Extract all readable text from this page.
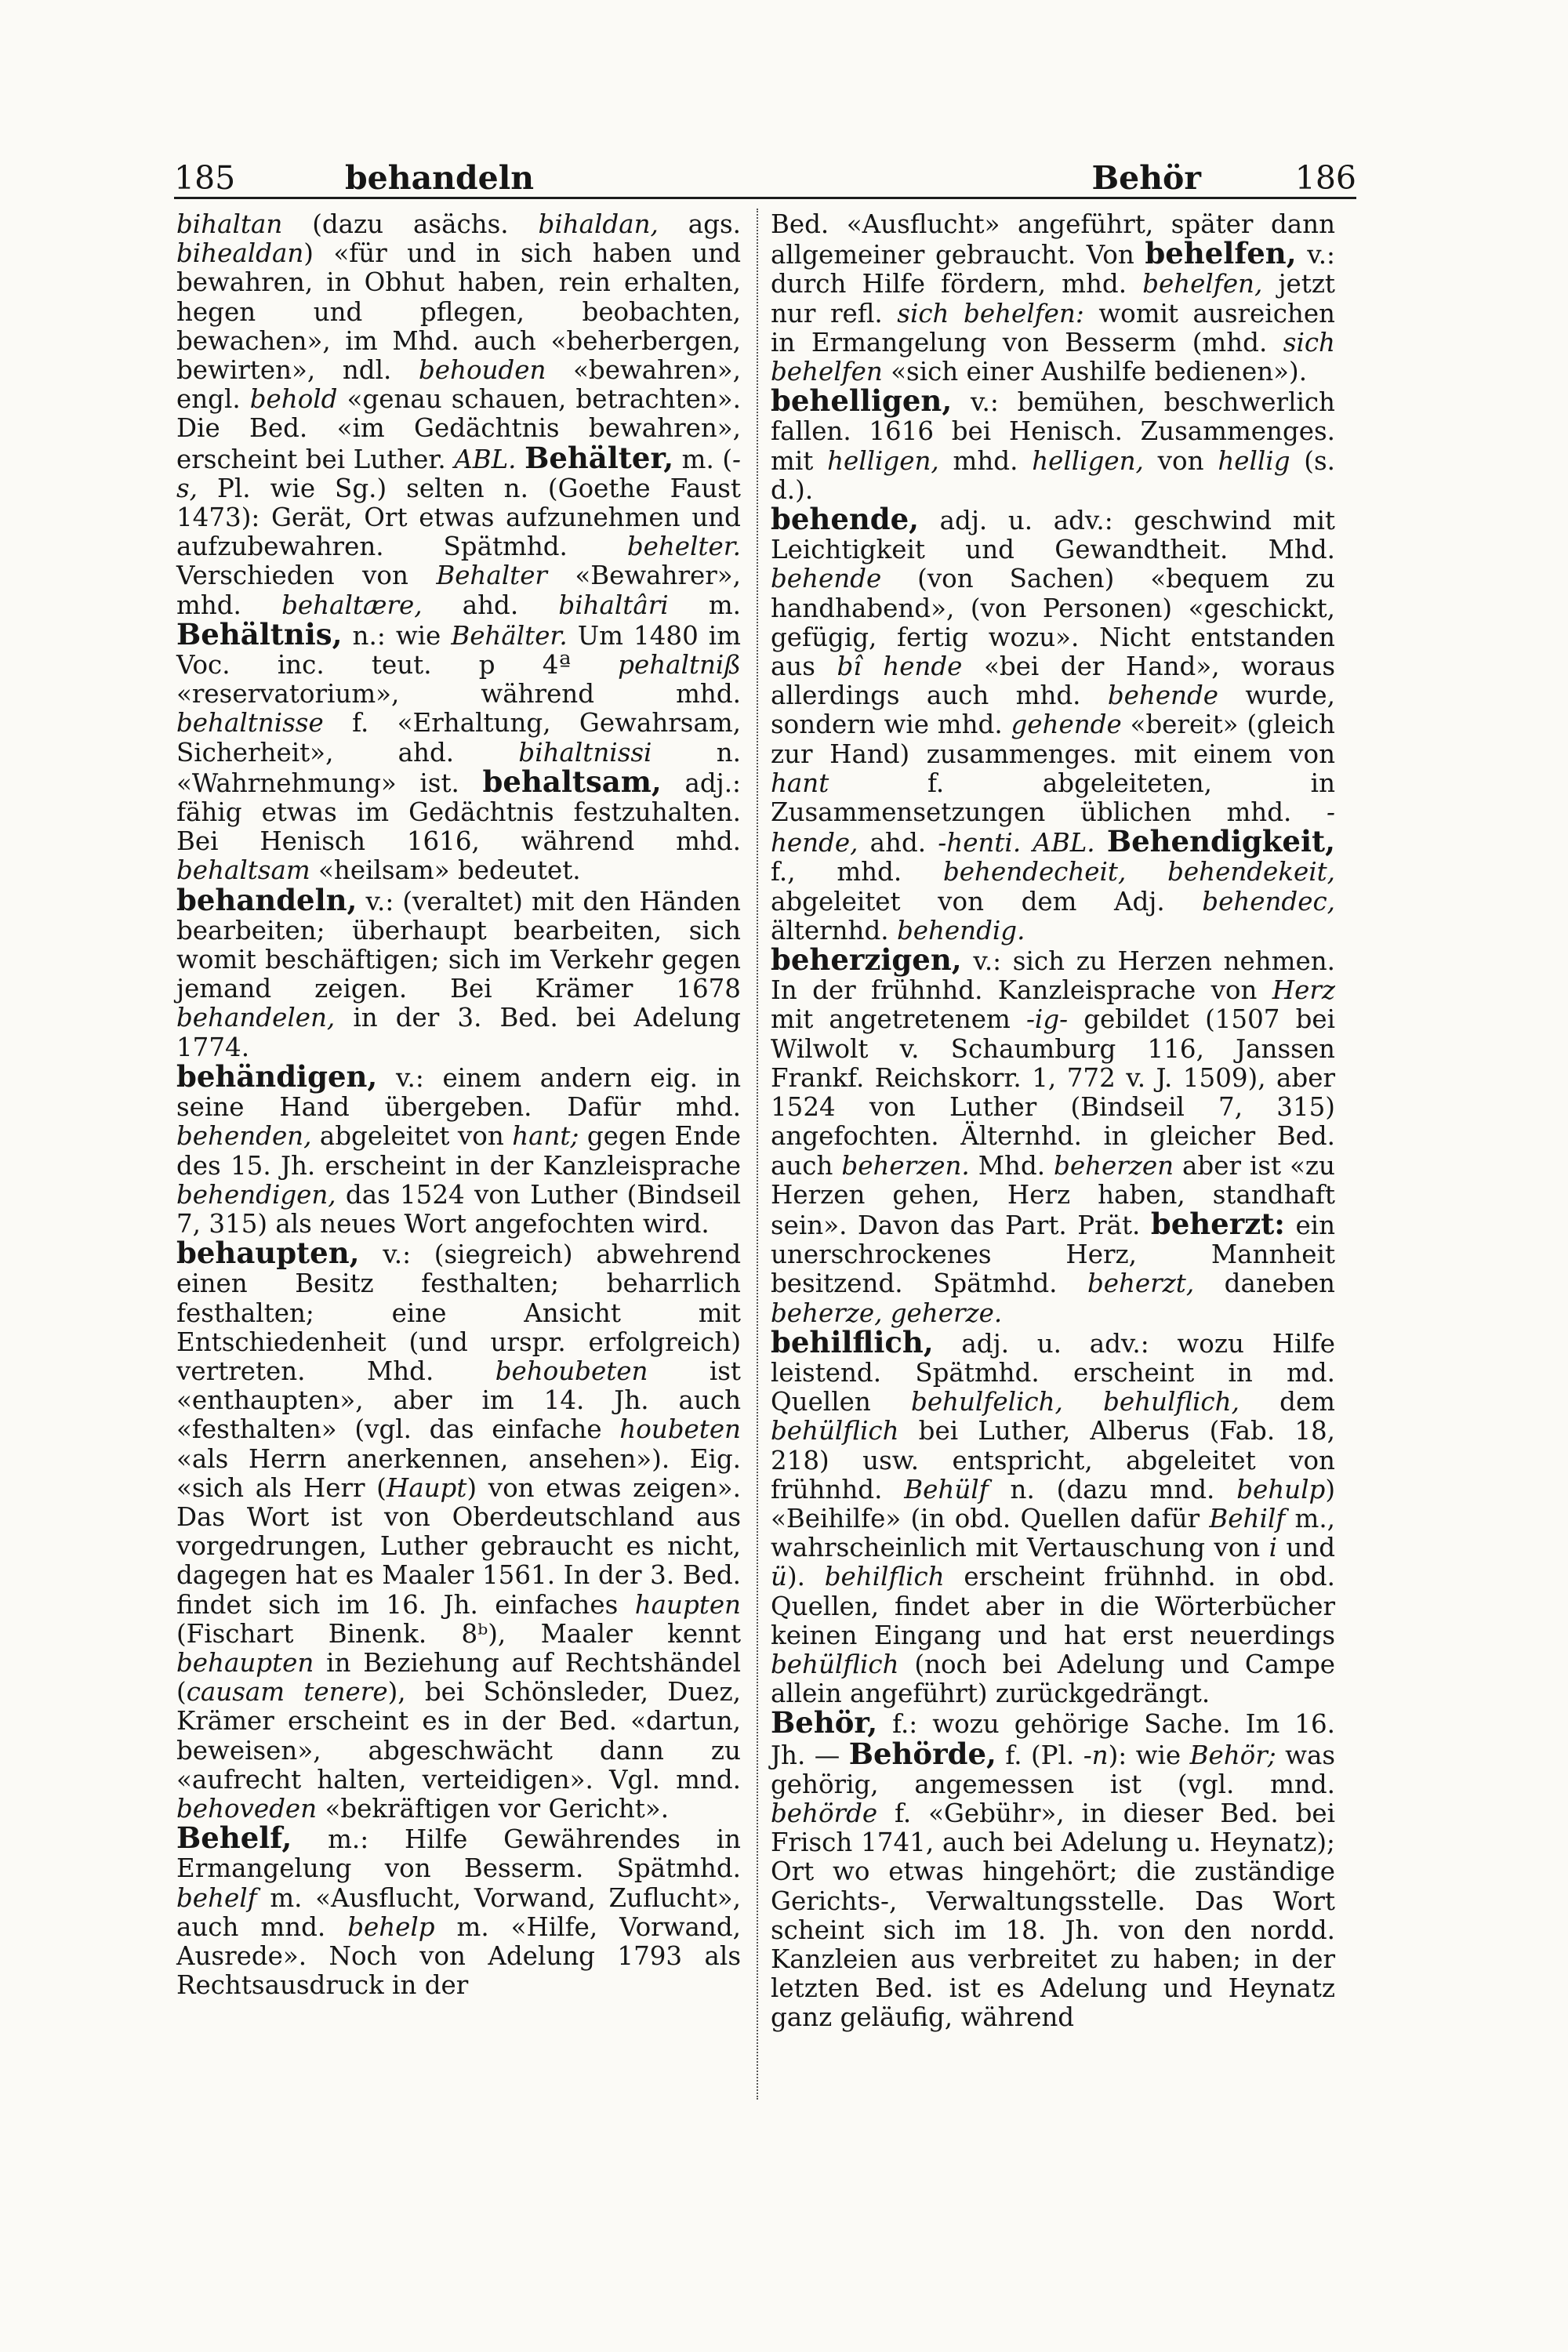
185	behandeln	Behör	186

bihaltan (dazu asächs. bihaldan, ags. bihealdan) «für und in sich haben und bewahren, in Obhut haben, rein erhalten, hegen und pflegen, beobachten, bewachen», im Mhd. auch «beherbergen, bewirten», ndl. behouden «bewahren», engl. behold «genau schauen, betrachten». Die Bed. «im Gedächtnis bewahren», erscheint bei Luther. ABL. Behälter, m. (-s, Pl. wie Sg.) selten n. (Goethe Faust 1473): Gerät, Ort etwas aufzunehmen und aufzubewahren. Spätmhd. behelter. Verschieden von Behalter «Bewahrer», mhd. behaltære, ahd. bihaltâri m. Behältnis, n.: wie Behälter. Um 1480 im Voc. inc. teut. p 4ª pehaltniß «reservatorium», während mhd. behaltnisse f. «Erhaltung, Gewahrsam, Sicherheit», ahd. bihaltnissi n. «Wahrnehmung» ist. behaltsam, adj.: fähig etwas im Gedächtnis festzuhalten. Bei Henisch 1616, während mhd. behaltsam «heilsam» bedeutet.

behandeln, v.: (veraltet) mit den Händen bearbeiten; überhaupt bearbeiten, sich womit beschäftigen; sich im Verkehr gegen jemand zeigen. Bei Krämer 1678 behandelen, in der 3. Bed. bei Adelung 1774.

behändigen, v.: einem andern eig. in seine Hand übergeben. Dafür mhd. behenden, abgeleitet von hant; gegen Ende des 15. Jh. erscheint in der Kanzleisprache behendigen, das 1524 von Luther (Bindseil 7, 315) als neues Wort angefochten wird.

behaupten, v.: (siegreich) abwehrend einen Besitz festhalten; beharrlich festhalten; eine Ansicht mit Entschiedenheit (und urspr. erfolgreich) vertreten. Mhd. behoubeten ist «enthaupten», aber im 14. Jh. auch «festhalten» (vgl. das einfache houbeten «als Herrn anerkennen, ansehen»). Eig. «sich als Herr (Haupt) von etwas zeigen». Das Wort ist von Oberdeutschland aus vorgedrungen, Luther gebraucht es nicht, dagegen hat es Maaler 1561. In der 3. Bed. findet sich im 16. Jh. einfaches haupten (Fischart Binenk. 8ᵇ), Maaler kennt behaupten in Beziehung auf Rechtshändel (causam tenere), bei Schönsleder, Duez, Krämer erscheint es in der Bed. «dartun, beweisen», abgeschwächt dann zu «aufrecht halten, verteidigen». Vgl. mnd. behoveden «bekräftigen vor Gericht».

Behelf, m.: Hilfe Gewährendes in Ermangelung von Besserm. Spätmhd. behelf m. «Ausflucht, Vorwand, Zuflucht», auch mnd. behelp m. «Hilfe, Vorwand, Ausrede». Noch von Adelung 1793 als Rechtsausdruck in der

Bed. «Ausflucht» angeführt, später dann allgemeiner gebraucht. Von behelfen, v.: durch Hilfe fördern, mhd. behelfen, jetzt nur refl. sich behelfen: womit ausreichen in Ermangelung von Besserm (mhd. sich behelfen «sich einer Aushilfe bedienen»).

behelligen, v.: bemühen, beschwerlich fallen. 1616 bei Henisch. Zusammenges. mit helligen, mhd. helligen, von hellig (s. d.).

behende, adj. u. adv.: geschwind mit Leichtigkeit und Gewandtheit. Mhd. behende (von Sachen) «bequem zu handhabend», (von Personen) «geschickt, gefügig, fertig wozu». Nicht entstanden aus bî hende «bei der Hand», woraus allerdings auch mhd. behende wurde, sondern wie mhd. gehende «bereit» (gleich zur Hand) zusammenges. mit einem von hant f. abgeleiteten, in Zusammensetzungen üblichen mhd. -hende, ahd. -henti. ABL. Behendigkeit, f., mhd. behendecheit, behendekeit, abgeleitet von dem Adj. behendec, älternhd. behendig.

beherzigen, v.: sich zu Herzen nehmen. In der frühnhd. Kanzleisprache von Herz mit angetretenem -ig- gebildet (1507 bei Wilwolt v. Schaumburg 116, Janssen Frankf. Reichskorr. 1, 772 v. J. 1509), aber 1524 von Luther (Bindseil 7, 315) angefochten. Älternhd. in gleicher Bed. auch beherzen. Mhd. beherzen aber ist «zu Herzen gehen, Herz haben, standhaft sein». Davon das Part. Prät. beherzt: ein unerschrockenes Herz, Mannheit besitzend. Spätmhd. beherzt, daneben beherze, geherze.

behilflich, adj. u. adv.: wozu Hilfe leistend. Spätmhd. erscheint in md. Quellen behulfelich, behulflich, dem behülflich bei Luther, Alberus (Fab. 18, 218) usw. entspricht, abgeleitet von frühnhd. Behülf n. (dazu mnd. behulp) «Beihilfe» (in obd. Quellen dafür Behilf m., wahrscheinlich mit Vertauschung von i und ü). behilflich erscheint frühnhd. in obd. Quellen, findet aber in die Wörterbücher keinen Eingang und hat erst neuerdings behülflich (noch bei Adelung und Campe allein angeführt) zurückgedrängt.

Behör, f.: wozu gehörige Sache. Im 16. Jh. — Behörde, f. (Pl. -n): wie Behör; was gehörig, angemessen ist (vgl. mnd. behörde f. «Gebühr», in dieser Bed. bei Frisch 1741, auch bei Adelung u. Heynatz); Ort wo etwas hingehört; die zuständige Gerichts-, Verwaltungsstelle. Das Wort scheint sich im 18. Jh. von den nordd. Kanzleien aus verbreitet zu haben; in der letzten Bed. ist es Adelung und Heynatz ganz geläufig, während
